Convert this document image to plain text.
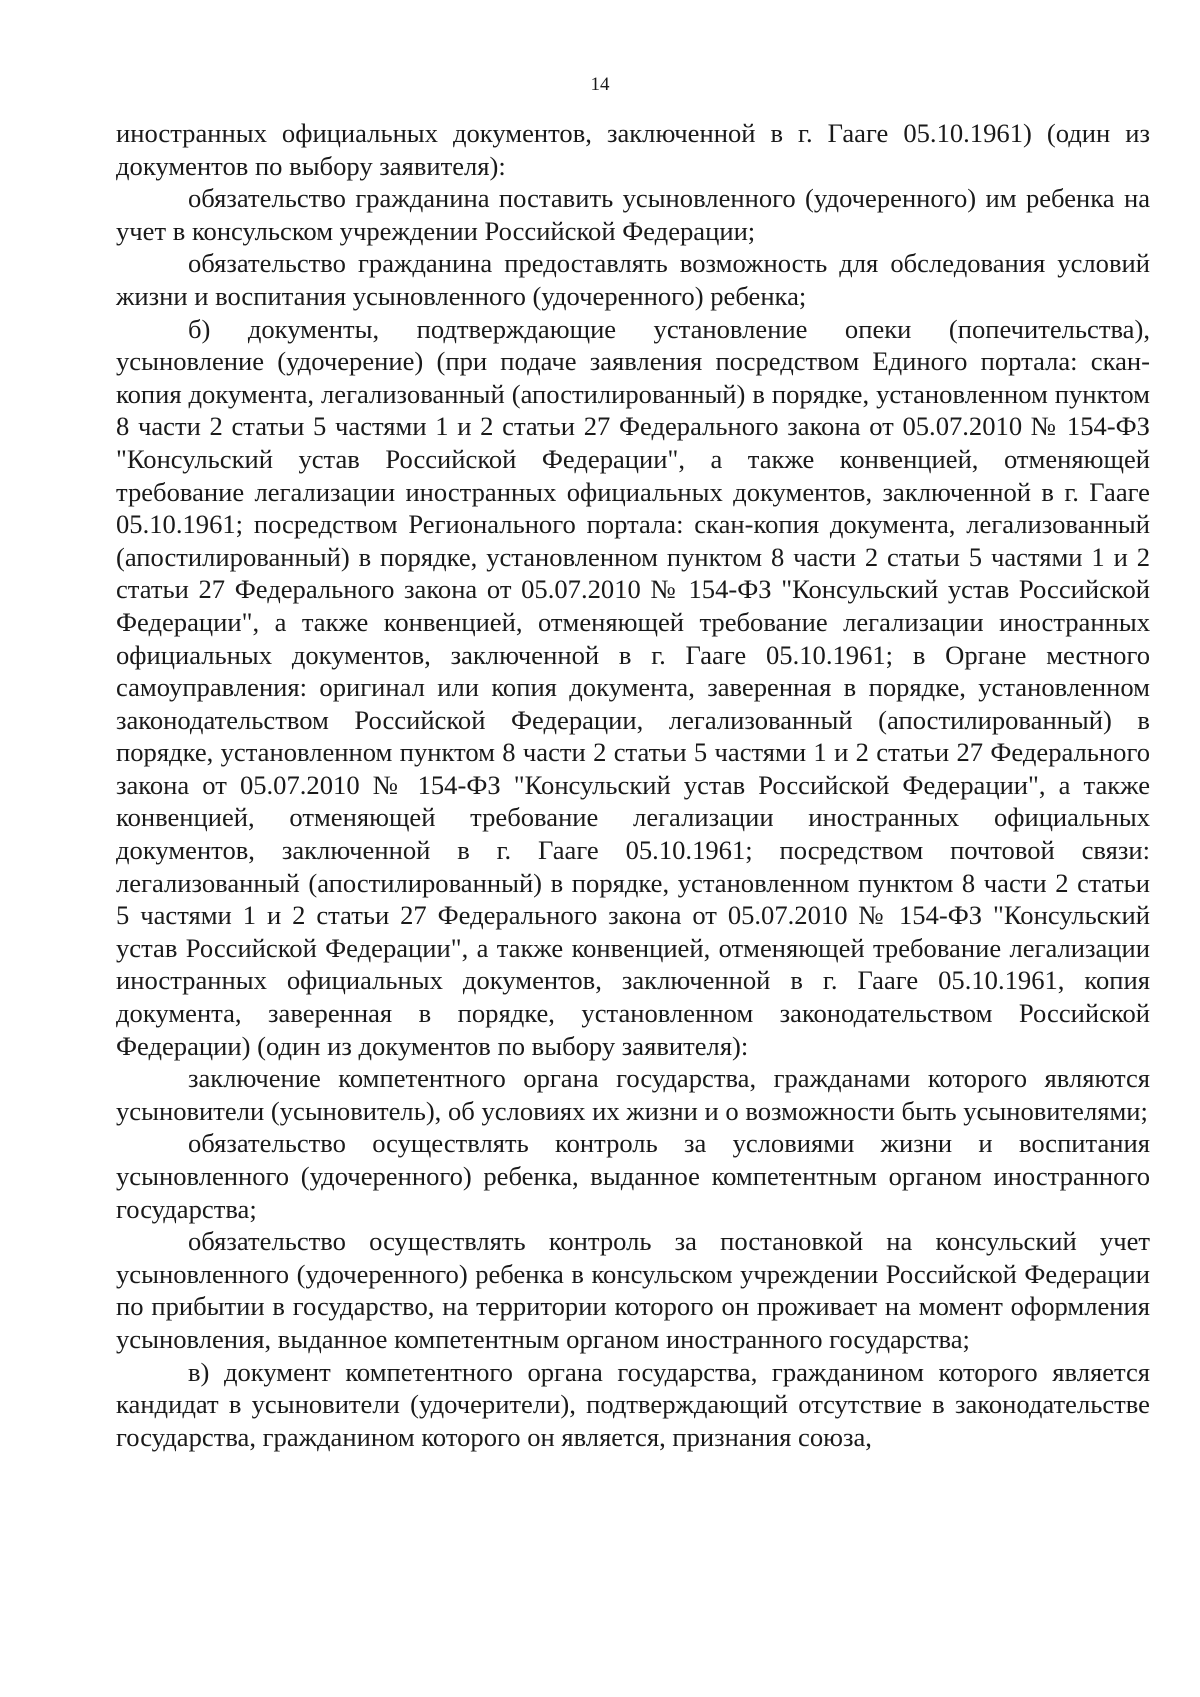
14

иностранных официальных документов, заключенной в г. Гааге 05.10.1961) (один из документов по выбору заявителя):

обязательство гражданина поставить усыновленного (удочеренного) им ребенка на учет в консульском учреждении Российской Федерации;

обязательство гражданина предоставлять возможность для обследования условий жизни и воспитания усыновленного (удочеренного) ребенка;

б) документы, подтверждающие установление опеки (попечительства), усыновление (удочерение) (при подаче заявления посредством Единого портала: скан-копия документа, легализованный (апостилированный) в порядке, установленном пунктом 8 части 2 статьи 5 частями 1 и 2 статьи 27 Федерального закона от 05.07.2010 № 154-ФЗ "Консульский устав Российской Федерации", а также конвенцией, отменяющей требование легализации иностранных официальных документов, заключенной в г. Гааге 05.10.1961; посредством Регионального портала: скан-копия документа, легализованный (апостилированный) в порядке, установленном пунктом 8 части 2 статьи 5 частями 1 и 2 статьи 27 Федерального закона от 05.07.2010 № 154-ФЗ "Консульский устав Российской Федерации", а также конвенцией, отменяющей требование легализации иностранных официальных документов, заключенной в г. Гааге 05.10.1961; в Органе местного самоуправления: оригинал или копия документа, заверенная в порядке, установленном законодательством Российской Федерации, легализованный (апостилированный) в порядке, установленном пунктом 8 части 2 статьи 5 частями 1 и 2 статьи 27 Федерального закона от 05.07.2010 № 154-ФЗ "Консульский устав Российской Федерации", а также конвенцией, отменяющей требование легализации иностранных официальных документов, заключенной в г. Гааге 05.10.1961; посредством почтовой связи: легализованный (апостилированный) в порядке, установленном пунктом 8 части 2 статьи 5 частями 1 и 2 статьи 27 Федерального закона от 05.07.2010 № 154-ФЗ "Консульский устав Российской Федерации", а также конвенцией, отменяющей требование легализации иностранных официальных документов, заключенной в г. Гааге 05.10.1961, копия документа, заверенная в порядке, установленном законодательством Российской Федерации) (один из документов по выбору заявителя):

заключение компетентного органа государства, гражданами которого являются усыновители (усыновитель), об условиях их жизни и о возможности быть усыновителями;

обязательство осуществлять контроль за условиями жизни и воспитания усыновленного (удочеренного) ребенка, выданное компетентным органом иностранного государства;

обязательство осуществлять контроль за постановкой на консульский учет усыновленного (удочеренного) ребенка в консульском учреждении Российской Федерации по прибытии в государство, на территории которого он проживает на момент оформления усыновления, выданное компетентным органом иностранного государства;

в) документ компетентного органа государства, гражданином которого является кандидат в усыновители (удочерители), подтверждающий отсутствие в законодательстве государства, гражданином которого он является, признания союза,
